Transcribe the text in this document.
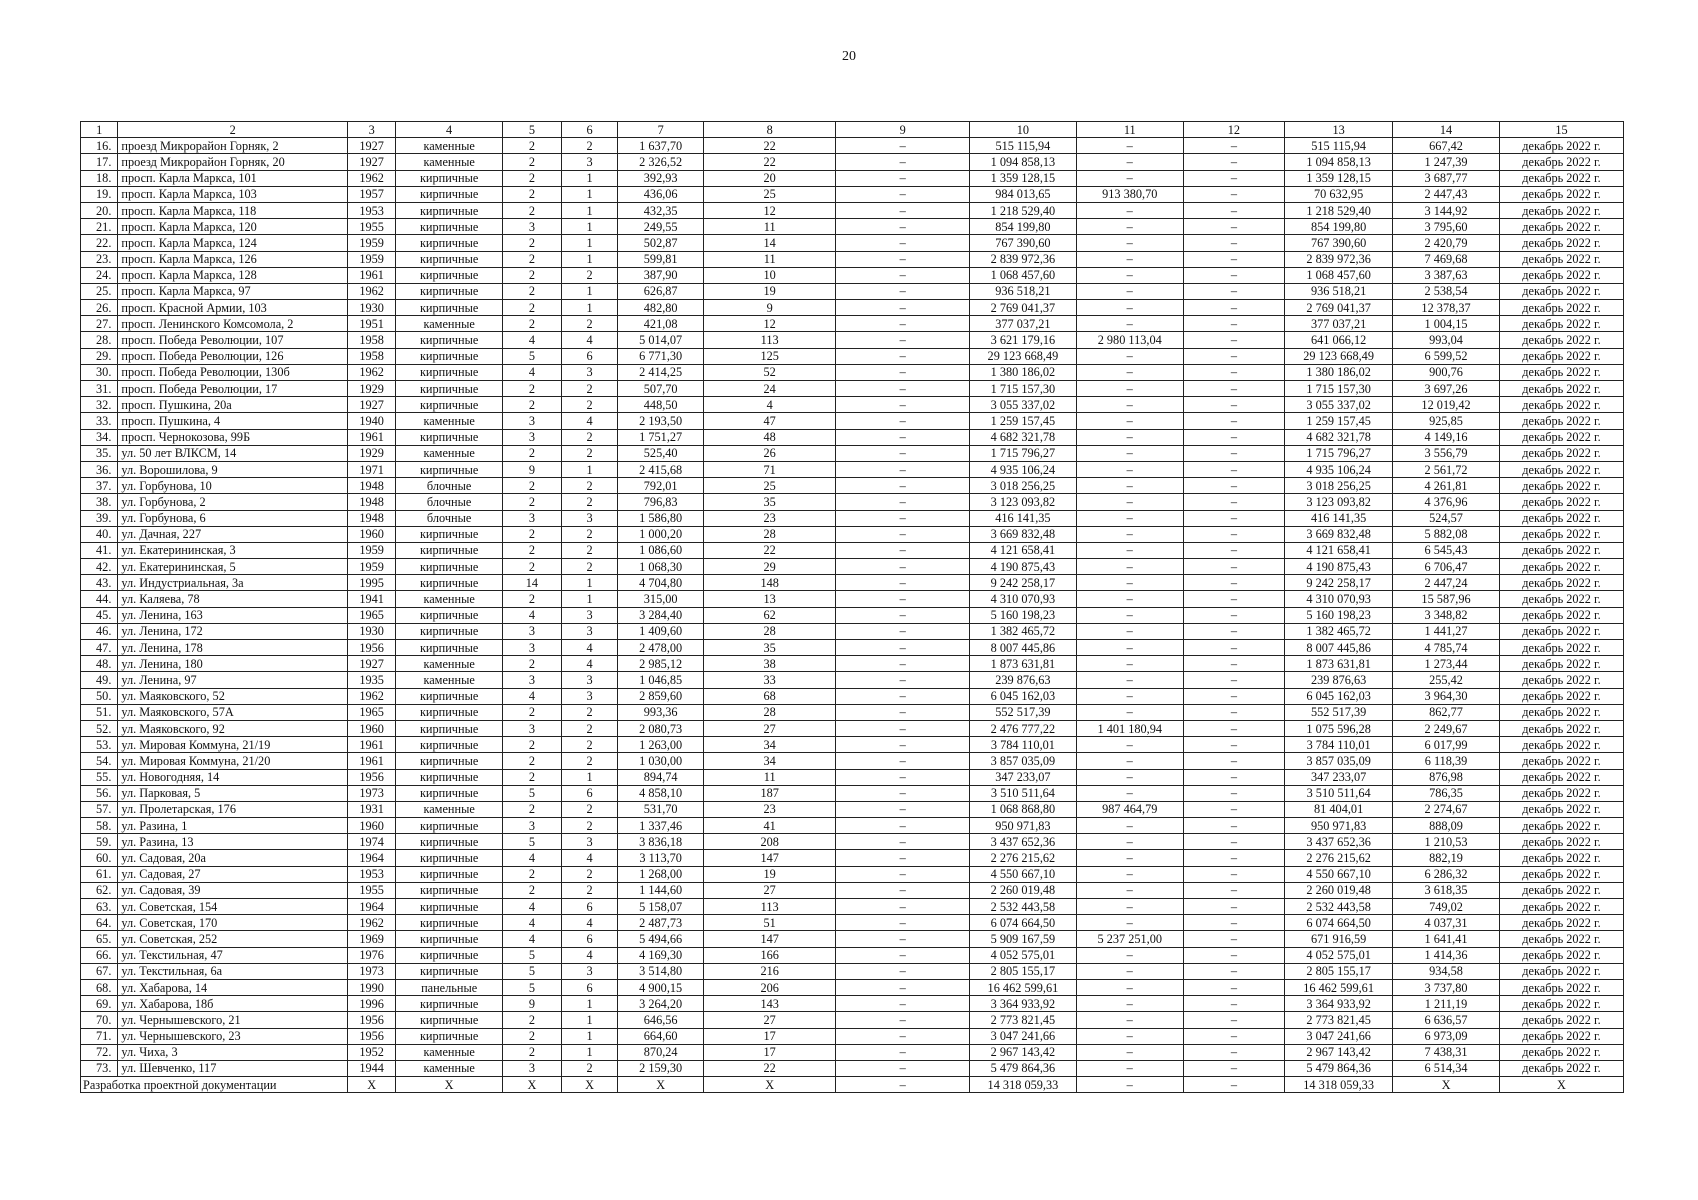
20
1	2	3	4	5	6	7	8	9	10	11	12	13	14	15
16.	проезд Микрорайон Горняк, 2	1927	каменные	2	2	1 637,70	22	–	515 115,94	–	–	515 115,94	667,42	декабрь 2022 г.
17.	проезд Микрорайон Горняк, 20	1927	каменные	2	3	2 326,52	22	–	1 094 858,13	–	–	1 094 858,13	1 247,39	декабрь 2022 г.
18.	просп. Карла Маркса, 101	1962	кирпичные	2	1	392,93	20	–	1 359 128,15	–	–	1 359 128,15	3 687,77	декабрь 2022 г.
19.	просп. Карла Маркса, 103	1957	кирпичные	2	1	436,06	25	–	984 013,65	913 380,70	–	70 632,95	2 447,43	декабрь 2022 г.
20.	просп. Карла Маркса, 118	1953	кирпичные	2	1	432,35	12	–	1 218 529,40	–	–	1 218 529,40	3 144,92	декабрь 2022 г.
21.	просп. Карла Маркса, 120	1955	кирпичные	3	1	249,55	11	–	854 199,80	–	–	854 199,80	3 795,60	декабрь 2022 г.
22.	просп. Карла Маркса, 124	1959	кирпичные	2	1	502,87	14	–	767 390,60	–	–	767 390,60	2 420,79	декабрь 2022 г.
23.	просп. Карла Маркса, 126	1959	кирпичные	2	1	599,81	11	–	2 839 972,36	–	–	2 839 972,36	7 469,68	декабрь 2022 г.
24.	просп. Карла Маркса, 128	1961	кирпичные	2	2	387,90	10	–	1 068 457,60	–	–	1 068 457,60	3 387,63	декабрь 2022 г.
25.	просп. Карла Маркса, 97	1962	кирпичные	2	1	626,87	19	–	936 518,21	–	–	936 518,21	2 538,54	декабрь 2022 г.
26.	просп. Красной Армии, 103	1930	кирпичные	2	1	482,80	9	–	2 769 041,37	–	–	2 769 041,37	12 378,37	декабрь 2022 г.
27.	просп. Ленинского Комсомола, 2	1951	каменные	2	2	421,08	12	–	377 037,21	–	–	377 037,21	1 004,15	декабрь 2022 г.
28.	просп. Победа Революции, 107	1958	кирпичные	4	4	5 014,07	113	–	3 621 179,16	2 980 113,04	–	641 066,12	993,04	декабрь 2022 г.
29.	просп. Победа Революции, 126	1958	кирпичные	5	6	6 771,30	125	–	29 123 668,49	–	–	29 123 668,49	6 599,52	декабрь 2022 г.
30.	просп. Победа Революции, 130б	1962	кирпичные	4	3	2 414,25	52	–	1 380 186,02	–	–	1 380 186,02	900,76	декабрь 2022 г.
31.	просп. Победа Революции, 17	1929	кирпичные	2	2	507,70	24	–	1 715 157,30	–	–	1 715 157,30	3 697,26	декабрь 2022 г.
32.	просп. Пушкина, 20а	1927	кирпичные	2	2	448,50	4	–	3 055 337,02	–	–	3 055 337,02	12 019,42	декабрь 2022 г.
33.	просп. Пушкина, 4	1940	каменные	3	4	2 193,50	47	–	1 259 157,45	–	–	1 259 157,45	925,85	декабрь 2022 г.
34.	просп. Чернокозова, 99Б	1961	кирпичные	3	2	1 751,27	48	–	4 682 321,78	–	–	4 682 321,78	4 149,16	декабрь 2022 г.
35.	ул. 50 лет ВЛКСМ, 14	1929	каменные	2	2	525,40	26	–	1 715 796,27	–	–	1 715 796,27	3 556,79	декабрь 2022 г.
36.	ул. Ворошилова, 9	1971	кирпичные	9	1	2 415,68	71	–	4 935 106,24	–	–	4 935 106,24	2 561,72	декабрь 2022 г.
37.	ул. Горбунова, 10	1948	блочные	2	2	792,01	25	–	3 018 256,25	–	–	3 018 256,25	4 261,81	декабрь 2022 г.
38.	ул. Горбунова, 2	1948	блочные	2	2	796,83	35	–	3 123 093,82	–	–	3 123 093,82	4 376,96	декабрь 2022 г.
39.	ул. Горбунова, 6	1948	блочные	3	3	1 586,80	23	–	416 141,35	–	–	416 141,35	524,57	декабрь 2022 г.
40.	ул. Дачная, 227	1960	кирпичные	2	2	1 000,20	28	–	3 669 832,48	–	–	3 669 832,48	5 882,08	декабрь 2022 г.
41.	ул. Екатерининская, 3	1959	кирпичные	2	2	1 086,60	22	–	4 121 658,41	–	–	4 121 658,41	6 545,43	декабрь 2022 г.
42.	ул. Екатерининская, 5	1959	кирпичные	2	2	1 068,30	29	–	4 190 875,43	–	–	4 190 875,43	6 706,47	декабрь 2022 г.
43.	ул. Индустриальная, 3а	1995	кирпичные	14	1	4 704,80	148	–	9 242 258,17	–	–	9 242 258,17	2 447,24	декабрь 2022 г.
44.	ул. Каляева, 78	1941	каменные	2	1	315,00	13	–	4 310 070,93	–	–	4 310 070,93	15 587,96	декабрь 2022 г.
45.	ул. Ленина, 163	1965	кирпичные	4	3	3 284,40	62	–	5 160 198,23	–	–	5 160 198,23	3 348,82	декабрь 2022 г.
46.	ул. Ленина, 172	1930	кирпичные	3	3	1 409,60	28	–	1 382 465,72	–	–	1 382 465,72	1 441,27	декабрь 2022 г.
47.	ул. Ленина, 178	1956	кирпичные	3	4	2 478,00	35	–	8 007 445,86	–	–	8 007 445,86	4 785,74	декабрь 2022 г.
48.	ул. Ленина, 180	1927	каменные	2	4	2 985,12	38	–	1 873 631,81	–	–	1 873 631,81	1 273,44	декабрь 2022 г.
49.	ул. Ленина, 97	1935	каменные	3	3	1 046,85	33	–	239 876,63	–	–	239 876,63	255,42	декабрь 2022 г.
50.	ул. Маяковского, 52	1962	кирпичные	4	3	2 859,60	68	–	6 045 162,03	–	–	6 045 162,03	3 964,30	декабрь 2022 г.
51.	ул. Маяковского, 57А	1965	кирпичные	2	2	993,36	28	–	552 517,39	–	–	552 517,39	862,77	декабрь 2022 г.
52.	ул. Маяковского, 92	1960	кирпичные	3	2	2 080,73	27	–	2 476 777,22	1 401 180,94	–	1 075 596,28	2 249,67	декабрь 2022 г.
53.	ул. Мировая Коммуна, 21/19	1961	кирпичные	2	2	1 263,00	34	–	3 784 110,01	–	–	3 784 110,01	6 017,99	декабрь 2022 г.
54.	ул. Мировая Коммуна, 21/20	1961	кирпичные	2	2	1 030,00	34	–	3 857 035,09	–	–	3 857 035,09	6 118,39	декабрь 2022 г.
55.	ул. Новогодняя, 14	1956	кирпичные	2	1	894,74	11	–	347 233,07	–	–	347 233,07	876,98	декабрь 2022 г.
56.	ул. Парковая, 5	1973	кирпичные	5	6	4 858,10	187	–	3 510 511,64	–	–	3 510 511,64	786,35	декабрь 2022 г.
57.	ул. Пролетарская, 176	1931	каменные	2	2	531,70	23	–	1 068 868,80	987 464,79	–	81 404,01	2 274,67	декабрь 2022 г.
58.	ул. Разина, 1	1960	кирпичные	3	2	1 337,46	41	–	950 971,83	–	–	950 971,83	888,09	декабрь 2022 г.
59.	ул. Разина, 13	1974	кирпичные	5	3	3 836,18	208	–	3 437 652,36	–	–	3 437 652,36	1 210,53	декабрь 2022 г.
60.	ул. Садовая, 20а	1964	кирпичные	4	4	3 113,70	147	–	2 276 215,62	–	–	2 276 215,62	882,19	декабрь 2022 г.
61.	ул. Садовая, 27	1953	кирпичные	2	2	1 268,00	19	–	4 550 667,10	–	–	4 550 667,10	6 286,32	декабрь 2022 г.
62.	ул. Садовая, 39	1955	кирпичные	2	2	1 144,60	27	–	2 260 019,48	–	–	2 260 019,48	3 618,35	декабрь 2022 г.
63.	ул. Советская, 154	1964	кирпичные	4	6	5 158,07	113	–	2 532 443,58	–	–	2 532 443,58	749,02	декабрь 2022 г.
64.	ул. Советская, 170	1962	кирпичные	4	4	2 487,73	51	–	6 074 664,50	–	–	6 074 664,50	4 037,31	декабрь 2022 г.
65.	ул. Советская, 252	1969	кирпичные	4	6	5 494,66	147	–	5 909 167,59	5 237 251,00	–	671 916,59	1 641,41	декабрь 2022 г.
66.	ул. Текстильная, 47	1976	кирпичные	5	4	4 169,30	166	–	4 052 575,01	–	–	4 052 575,01	1 414,36	декабрь 2022 г.
67.	ул. Текстильная, 6а	1973	кирпичные	5	3	3 514,80	216	–	2 805 155,17	–	–	2 805 155,17	934,58	декабрь 2022 г.
68.	ул. Хабарова, 14	1990	панельные	5	6	4 900,15	206	–	16 462 599,61	–	–	16 462 599,61	3 737,80	декабрь 2022 г.
69.	ул. Хабарова, 18б	1996	кирпичные	9	1	3 264,20	143	–	3 364 933,92	–	–	3 364 933,92	1 211,19	декабрь 2022 г.
70.	ул. Чернышевского, 21	1956	кирпичные	2	1	646,56	27	–	2 773 821,45	–	–	2 773 821,45	6 636,57	декабрь 2022 г.
71.	ул. Чернышевского, 23	1956	кирпичные	2	1	664,60	17	–	3 047 241,66	–	–	3 047 241,66	6 973,09	декабрь 2022 г.
72.	ул. Чиха, 3	1952	каменные	2	1	870,24	17	–	2 967 143,42	–	–	2 967 143,42	7 438,31	декабрь 2022 г.
73.	ул. Шевченко, 117	1944	каменные	3	2	2 159,30	22	–	5 479 864,36	–	–	5 479 864,36	6 514,34	декабрь 2022 г.
Разработка проектной документации		Х	Х	Х	Х	Х	Х	–	14 318 059,33	–	–	14 318 059,33	Х	Х
